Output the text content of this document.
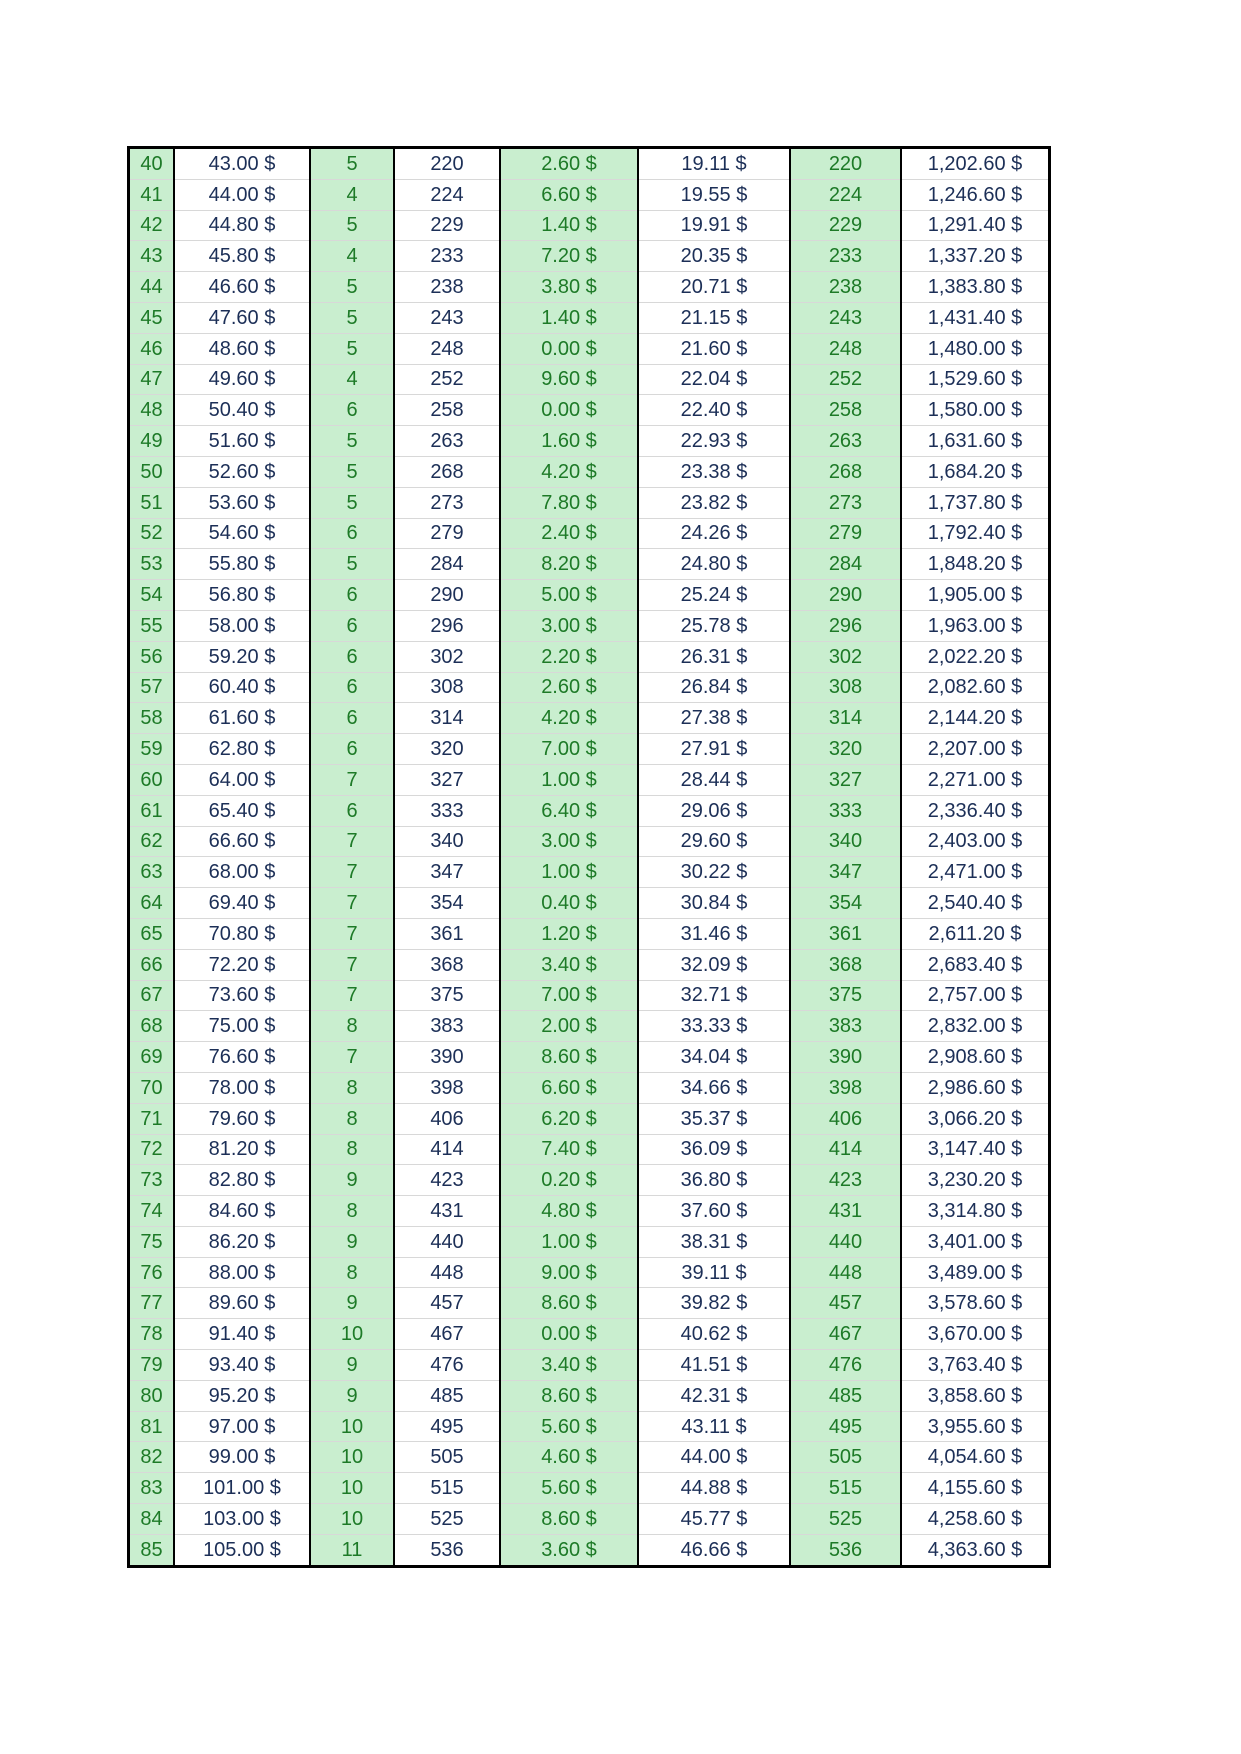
40	43.00 $	5	220	2.60 $	19.11 $	220	1,202.60 $
41	44.00 $	4	224	6.60 $	19.55 $	224	1,246.60 $
42	44.80 $	5	229	1.40 $	19.91 $	229	1,291.40 $
43	45.80 $	4	233	7.20 $	20.35 $	233	1,337.20 $
44	46.60 $	5	238	3.80 $	20.71 $	238	1,383.80 $
45	47.60 $	5	243	1.40 $	21.15 $	243	1,431.40 $
46	48.60 $	5	248	0.00 $	21.60 $	248	1,480.00 $
47	49.60 $	4	252	9.60 $	22.04 $	252	1,529.60 $
48	50.40 $	6	258	0.00 $	22.40 $	258	1,580.00 $
49	51.60 $	5	263	1.60 $	22.93 $	263	1,631.60 $
50	52.60 $	5	268	4.20 $	23.38 $	268	1,684.20 $
51	53.60 $	5	273	7.80 $	23.82 $	273	1,737.80 $
52	54.60 $	6	279	2.40 $	24.26 $	279	1,792.40 $
53	55.80 $	5	284	8.20 $	24.80 $	284	1,848.20 $
54	56.80 $	6	290	5.00 $	25.24 $	290	1,905.00 $
55	58.00 $	6	296	3.00 $	25.78 $	296	1,963.00 $
56	59.20 $	6	302	2.20 $	26.31 $	302	2,022.20 $
57	60.40 $	6	308	2.60 $	26.84 $	308	2,082.60 $
58	61.60 $	6	314	4.20 $	27.38 $	314	2,144.20 $
59	62.80 $	6	320	7.00 $	27.91 $	320	2,207.00 $
60	64.00 $	7	327	1.00 $	28.44 $	327	2,271.00 $
61	65.40 $	6	333	6.40 $	29.06 $	333	2,336.40 $
62	66.60 $	7	340	3.00 $	29.60 $	340	2,403.00 $
63	68.00 $	7	347	1.00 $	30.22 $	347	2,471.00 $
64	69.40 $	7	354	0.40 $	30.84 $	354	2,540.40 $
65	70.80 $	7	361	1.20 $	31.46 $	361	2,611.20 $
66	72.20 $	7	368	3.40 $	32.09 $	368	2,683.40 $
67	73.60 $	7	375	7.00 $	32.71 $	375	2,757.00 $
68	75.00 $	8	383	2.00 $	33.33 $	383	2,832.00 $
69	76.60 $	7	390	8.60 $	34.04 $	390	2,908.60 $
70	78.00 $	8	398	6.60 $	34.66 $	398	2,986.60 $
71	79.60 $	8	406	6.20 $	35.37 $	406	3,066.20 $
72	81.20 $	8	414	7.40 $	36.09 $	414	3,147.40 $
73	82.80 $	9	423	0.20 $	36.80 $	423	3,230.20 $
74	84.60 $	8	431	4.80 $	37.60 $	431	3,314.80 $
75	86.20 $	9	440	1.00 $	38.31 $	440	3,401.00 $
76	88.00 $	8	448	9.00 $	39.11 $	448	3,489.00 $
77	89.60 $	9	457	8.60 $	39.82 $	457	3,578.60 $
78	91.40 $	10	467	0.00 $	40.62 $	467	3,670.00 $
79	93.40 $	9	476	3.40 $	41.51 $	476	3,763.40 $
80	95.20 $	9	485	8.60 $	42.31 $	485	3,858.60 $
81	97.00 $	10	495	5.60 $	43.11 $	495	3,955.60 $
82	99.00 $	10	505	4.60 $	44.00 $	505	4,054.60 $
83	101.00 $	10	515	5.60 $	44.88 $	515	4,155.60 $
84	103.00 $	10	525	8.60 $	45.77 $	525	4,258.60 $
85	105.00 $	11	536	3.60 $	46.66 $	536	4,363.60 $
